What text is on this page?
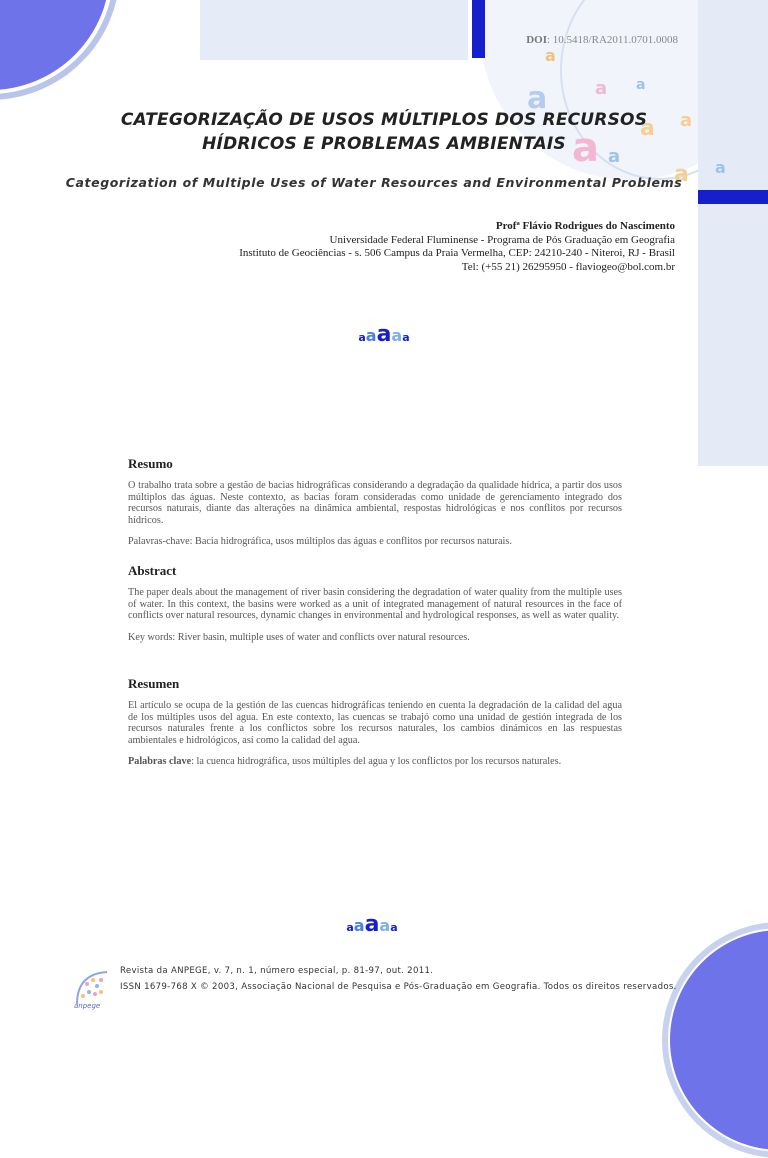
a
a a
a
a a
a a
a a
DOI: 10.5418/RA2011.0701.0008
CATEGORIZAÇÃO DE USOS MÚLTIPLOS DOS RECURSOS
HÍDRICOS E PROBLEMAS AMBIENTAIS
Categorization of Multiple Uses of Water Resources and Environmental Problems
Profª Flávio Rodrigues do Nascimento
Universidade Federal Fluminense - Programa de Pós Graduação em Geografia
Instituto de Geociências - s. 506 Campus da Praia Vermelha, CEP: 24210-240 - Niteroi, RJ - Brasil
Tel: (+55 21) 26295950 - flaviogeo@bol.com.br
aaaaa
Resumo

O trabalho trata sobre a gestão de bacias hidrográficas considerando a degradação da qualidade hídrica, a partir dos usos múltiplos das águas. Neste contexto, as bacias foram consideradas como unidade de gerenciamento integrado dos recursos naturais, diante das alterações na dinâmica ambiental, respostas hidrológicas e nos conflitos por recursos hídricos.

Palavras-chave: Bacia hidrográfica, usos múltiplos das águas e conflitos por recursos naturais.

Abstract

The paper deals about the management of river basin considering the degradation of water quality from the multiple uses of water. In this context, the basins were worked as a unit of integrated management of natural resources in the face of conflicts over natural resources, dynamic changes in environmental and hydrological responses, as well as water quality.

Key words: River basin, multiple uses of water and conflicts over natural resources.

Resumen

El artículo se ocupa de la gestión de las cuencas hidrográficas teniendo en cuenta la degradación de la calidad del agua de los múltiples usos del agua. En este contexto, las cuencas se trabajó como una unidad de gestión integrada de los recursos naturales frente a los conflictos sobre los recursos naturales, los cambios dinámicos en las respuestas ambientales e hidrológicos, así como la calidad del agua.

Palabras clave: la cuenca hidrográfica, usos múltiples del agua y los conflictos por los recursos naturales.

aaaaa
anpege
Revista da ANPEGE, v. 7, n. 1, número especial, p. 81-97, out. 2011.
ISSN 1679-768 X © 2003, Associação Nacional de Pesquisa e Pós-Graduação em Geografia. Todos os direitos reservados.
